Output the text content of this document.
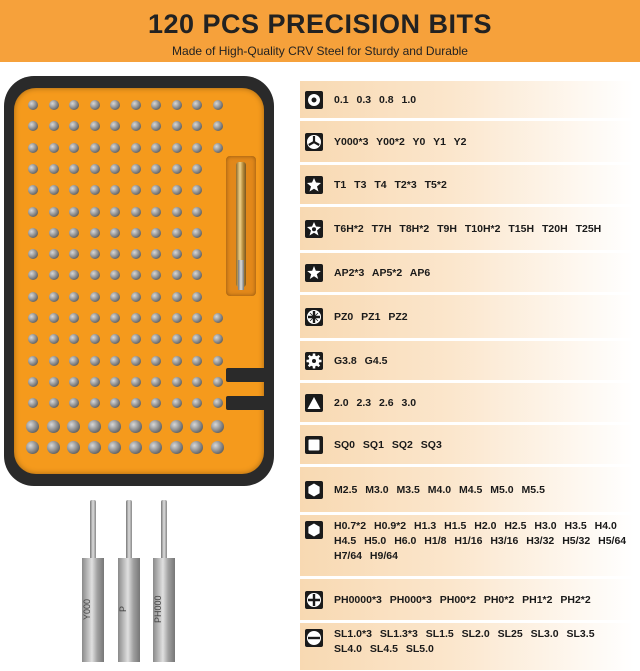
120 PCS PRECISION BITS
Made of High-Quality CRV Steel for Sturdy and Durable
Y000	P	PH000
0.1 0.3 0.8 1.0
Y000*3 Y00*2 Y0 Y1 Y2
T1 T3 T4 T2*3 T5*2
T6H*2 T7H T8H*2 T9H T10H*2 T15H T20H T25H
AP2*3 AP5*2 AP6
PZ0 PZ1 PZ2
G3.8 G4.5
2.0 2.3 2.6 3.0
SQ0 SQ1 SQ2 SQ3
M2.5 M3.0 M3.5 M4.0 M4.5 M5.0 M5.5
H0.7*2 H0.9*2 H1.3 H1.5 H2.0 H2.5 H3.0 H3.5 H4.0 H4.5 H5.0 H6.0 H1/8 H1/16 H3/16 H3/32 H5/32 H5/64 H7/64 H9/64
PH0000*3 PH000*3 PH00*2 PH0*2 PH1*2 PH2*2
SL1.0*3 SL1.3*3 SL1.5 SL2.0 SL25 SL3.0 SL3.5 SL4.0 SL4.5 SL5.0
